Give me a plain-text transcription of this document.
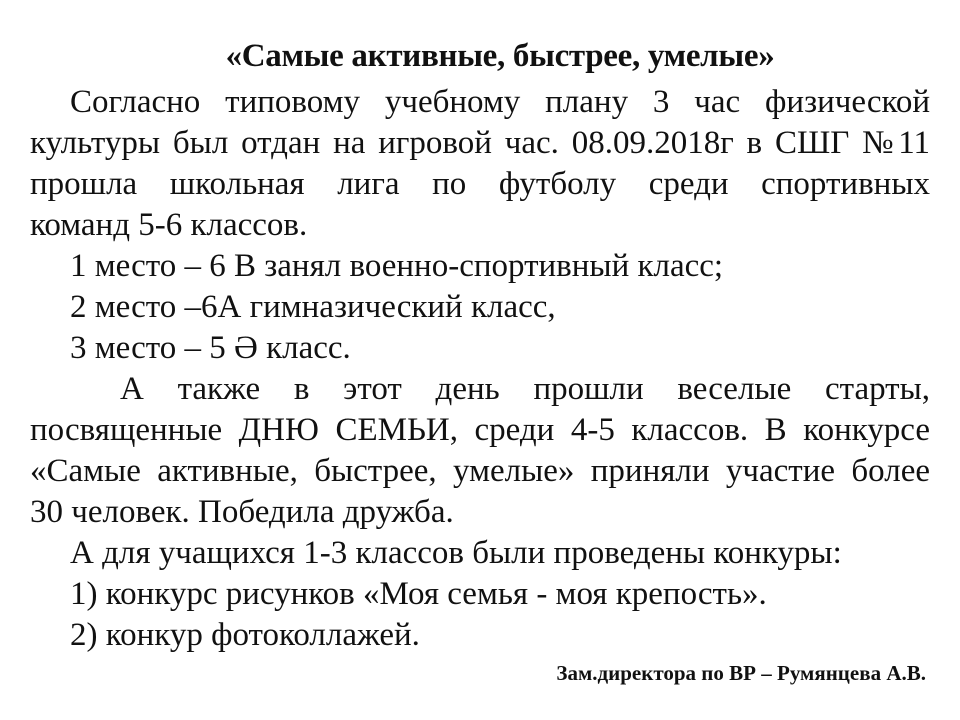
«Самые активные, быстрее, умелые»
Согласно типовому учебному плану 3 час физической
культуры был отдан на игровой час. 08.09.2018г в СШГ №11
прошла школьная лига по футболу среди спортивных
команд 5-6 классов.
1 место – 6 В занял военно-спортивный класс;
2 место –6А гимназический класс,
3 место – 5 Ә класс.
А также в этот день прошли веселые старты,
посвященные ДНЮ СЕМЬИ, среди 4-5 классов. В конкурсе
«Самые активные, быстрее, умелые» приняли участие более
30 человек. Победила дружба.
А для учащихся 1-3 классов были проведены конкуры:
1) конкурс рисунков «Моя семья - моя крепость».
2) конкур фотоколлажей.
Зам.директора по ВР – Румянцева А.В.
